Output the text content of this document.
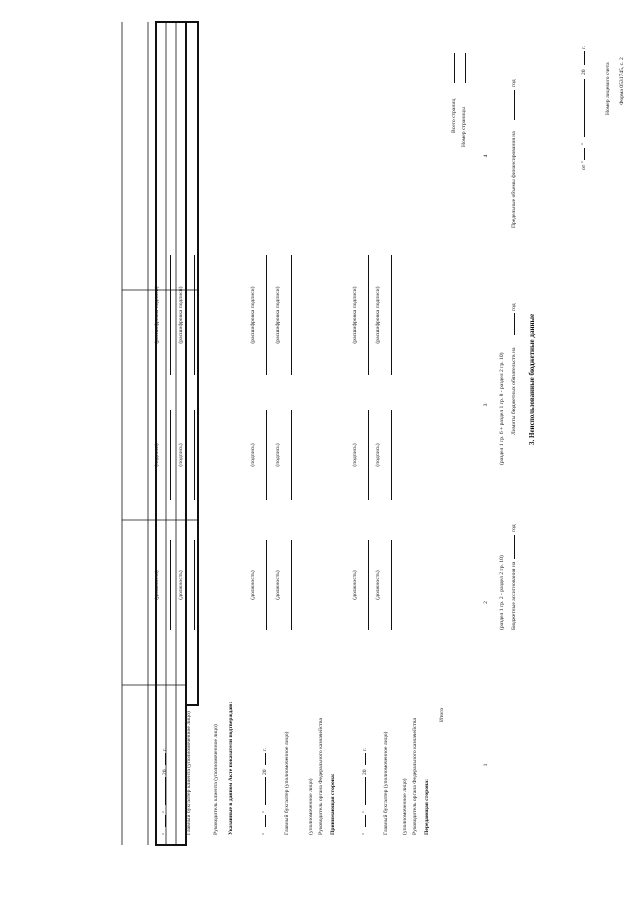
Форма 0531745, с. 2
Номер лицевого счета
от "
"
20
г.
3. Неиспользованные бюджетные данные
Бюджетные ассигнования на
год
(раздел 1 гр. 2 - раздел 2 гр. 10)
Лимиты бюджетных обязательств на
год
(раздел 1 гр. 6 + раздел 1 гр. 8 - раздел 2 гр. 10)
Предельные объемы финансирования на
год
1
2
3
4
Итого
Номер страницы
Всего страниц
Передающая сторона:
Руководитель органа Федерального казначейства
(уполномоченное лицо)
Главный бухгалтер (уполномоченное лицо)
"
"
20
г.
Принимающая сторона:
Руководитель органа Федерального казначейства
(уполномоченное лицо)
Главный бухгалтер (уполномоченное лицо)
"
"
20
г.
Указанные в данном Акте показатели подтверждаю:
Руководитель клиента (уполномоченное лицо)
Главный бухгалтер клиента (уполномоченное лицо)
"
"
20
г.
(должность)
(подпись)
(расшифровка подписи)
(должность)
(подпись)
(расшифровка подписи)
(должность)
(подпись)
(расшифровка подписи)
(должность)
(подпись)
(расшифровка подписи)
(должность)
(подпись)
(расшифровка подписи)
(должность)
(подпись)
(расшифровка подписи)
